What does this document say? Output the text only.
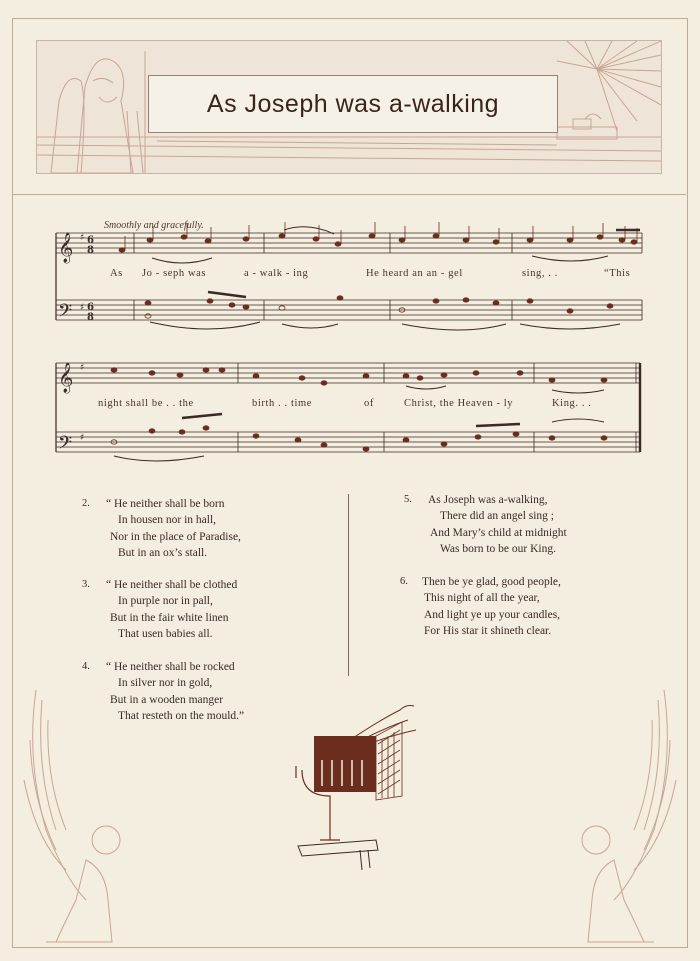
As Joseph was a-walking
Smoothly and gracefully.
𝄞
𝄢
𝄞
𝄢
♯
♯
♯
♯
6
8
6
8
As Jo - seph was	a - walk - ing	He heard an an - gel	sing, . .	“This
night shall be . . the	birth . . time	of	Christ, the Heaven - ly	King. . .
2. “ He neither shall be born
In housen nor in hall,
Nor in the place of Paradise,
But in an ox’s stall.
3. “ He neither shall be clothed
In purple nor in pall,
But in the fair white linen
That usen babies all.
4. “ He neither shall be rocked
In silver nor in gold,
But in a wooden manger
That resteth on the mould.”
5. As Joseph was a-walking,
There did an angel sing ;
And Mary’s child at midnight
Was born to be our King.
6. Then be ye glad, good people,
This night of all the year,
And light ye up your candles,
For His star it shineth clear.
